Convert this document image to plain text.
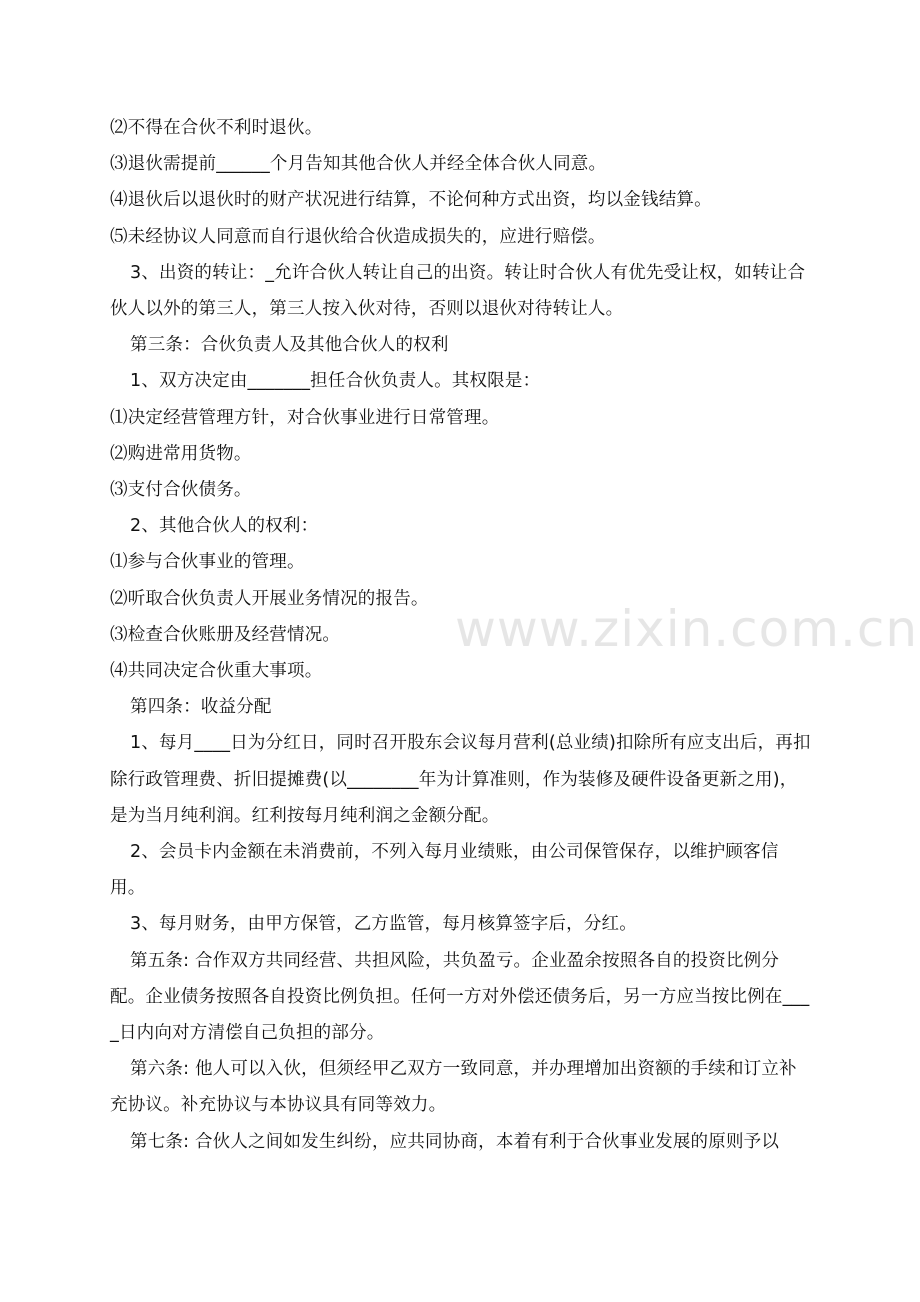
⑵不得在合伙不利时退伙。

⑶退伙需提前______个月告知其他合伙人并经全体合伙人同意。

⑷退伙后以退伙时的财产状况进行结算，不论何种方式出资，均以金钱结算。

⑸未经协议人同意而自行退伙给合伙造成损失的，应进行赔偿。

3、出资的转让：_允许合伙人转让自己的出资。转让时合伙人有优先受让权，如转让合伙人以外的第三人，第三人按入伙对待，否则以退伙对待转让人。

第三条：合伙负责人及其他合伙人的权利

1、双方决定由_______担任合伙负责人。其权限是：

⑴决定经营管理方针，对合伙事业进行日常管理。

⑵购进常用货物。

⑶支付合伙债务。

2、其他合伙人的权利：

⑴参与合伙事业的管理。

⑵听取合伙负责人开展业务情况的报告。

⑶检查合伙账册及经营情况。

⑷共同决定合伙重大事项。

第四条：收益分配

1、每月____日为分红日，同时召开股东会议每月营利(总业绩)扣除所有应支出后，再扣除行政管理费、折旧提摊费(以________年为计算准则，作为装修及硬件设备更新之用)，是为当月纯利润。红利按每月纯利润之金额分配。

2、会员卡内金额在未消费前，不列入每月业绩账，由公司保管保存，以维护顾客信用。

3、每月财务，由甲方保管，乙方监管，每月核算签字后，分红。

第五条: 合作双方共同经营、共担风险，共负盈亏。企业盈余按照各自的投资比例分配。企业债务按照各自投资比例负担。任何一方对外偿还债务后，另一方应当按比例在____日内向对方清偿自己负担的部分。

第六条: 他人可以入伙，但须经甲乙双方一致同意，并办理增加出资额的手续和订立补充协议。补充协议与本协议具有同等效力。

第七条: 合伙人之间如发生纠纷，应共同协商，本着有利于合伙事业发展的原则予以

www.zixin.com.cn
